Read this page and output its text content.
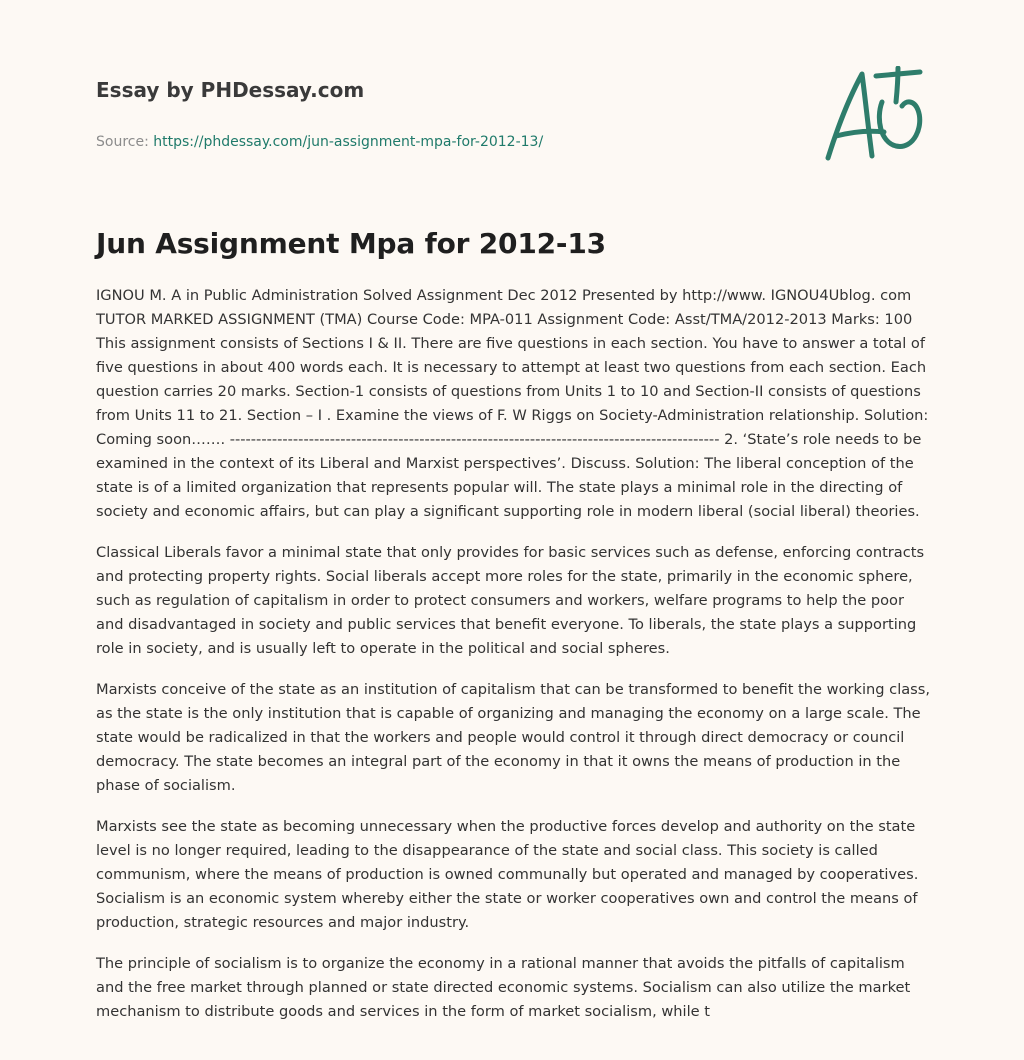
Essay by PHDessay.com
Source: https://phdessay.com/jun-assignment-mpa-for-2012-13/
Jun Assignment Mpa for 2012-13

IGNOU M. A in Public Administration Solved Assignment Dec 2012 Presented by http://www. IGNOU4Ublog. com TUTOR MARKED ASSIGNMENT (TMA) Course Code: MPA-011 Assignment Code: Asst/TMA/2012-2013 Marks: 100 This assignment consists of Sections I & II. There are five questions in each section. You have to answer a total of five questions in about 400 words each. It is necessary to attempt at least two questions from each section. Each question carries 20 marks. Section-1 consists of questions from Units 1 to 10 and Section-II consists of questions from Units 11 to 21. Section – I . Examine the views of F. W Riggs on Society-Administration relationship. Solution: Coming soon……. --------------------------------------------------------------------------------------------- 2. ‘State’s role needs to be examined in the context of its Liberal and Marxist perspectives’. Discuss. Solution: The liberal conception of the state is of a limited organization that represents popular will. The state plays a minimal role in the directing of society and economic affairs, but can play a significant supporting role in modern liberal (social liberal) theories.

Classical Liberals favor a minimal state that only provides for basic services such as defense, enforcing contracts and protecting property rights. Social liberals accept more roles for the state, primarily in the economic sphere, such as regulation of capitalism in order to protect consumers and workers, welfare programs to help the poor and disadvantaged in society and public services that benefit everyone. To liberals, the state plays a supporting role in society, and is usually left to operate in the political and social spheres.

Marxists conceive of the state as an institution of capitalism that can be transformed to benefit the working class, as the state is the only institution that is capable of organizing and managing the economy on a large scale. The state would be radicalized in that the workers and people would control it through direct democracy or council democracy. The state becomes an integral part of the economy in that it owns the means of production in the phase of socialism.

Marxists see the state as becoming unnecessary when the productive forces develop and authority on the state level is no longer required, leading to the disappearance of the state and social class. This society is called communism, where the means of production is owned communally but operated and managed by cooperatives. Socialism is an economic system whereby either the state or worker cooperatives own and control the means of production, strategic resources and major industry.

The principle of socialism is to organize the economy in a rational manner that avoids the pitfalls of capitalism and the free market through planned or state directed economic systems. Socialism can also utilize the market mechanism to distribute goods and services in the form of market socialism, while t
